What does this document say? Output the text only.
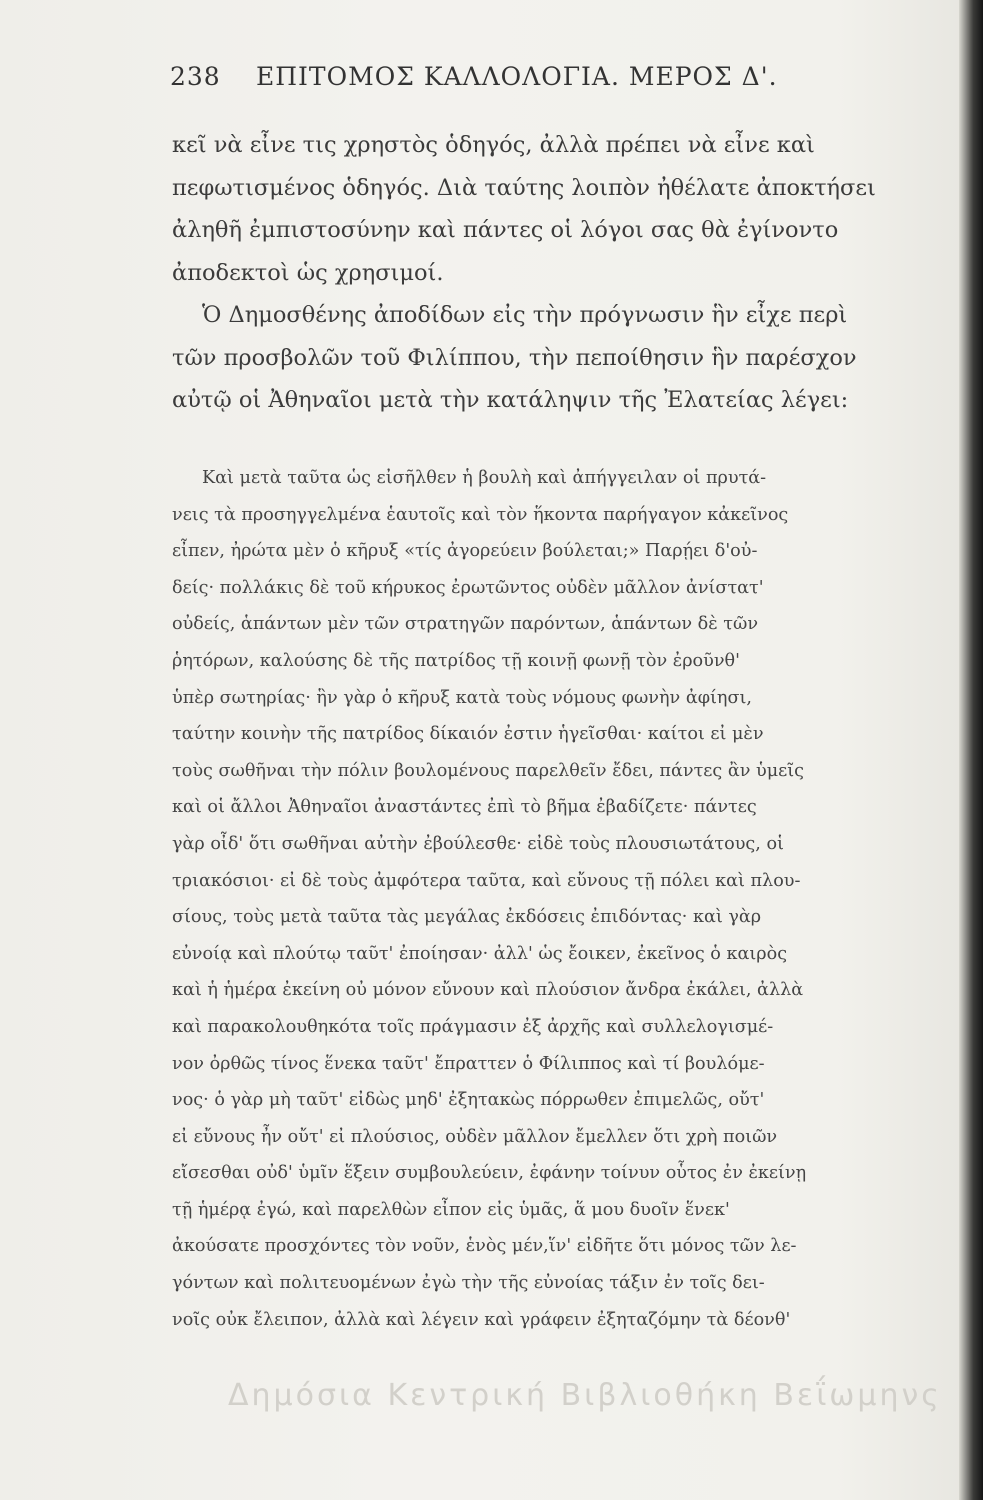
238 ΕΠΙΤΟΜΟΣ ΚΑΛΛΟΛΟΓΙΑ. ΜΕΡΟΣ Δ'.
κεῖ νὰ εἶνε τις χρηστὸς ὁδηγός, ἀλλὰ πρέπει νὰ εἶνε καὶ
πεφωτισμένος ὁδηγός. Διὰ ταύτης λοιπὸν ἠθέλατε ἀποκτήσει
ἀληθῆ ἐμπιστοσύνην καὶ πάντες οἱ λόγοι σας θὰ ἐγίνοντο
ἀποδεκτοὶ ὡς χρησιμοί.
Ὁ Δημοσθένης ἀποδίδων εἰς τὴν πρόγνωσιν ἣν εἶχε περὶ
τῶν προσβολῶν τοῦ Φιλίππου, τὴν πεποίθησιν ἣν παρέσχον
αὐτῷ οἱ Ἀθηναῖοι μετὰ τὴν κατάληψιν τῆς Ἐλατείας λέγει:
Καὶ μετὰ ταῦτα ὡς εἰσῆλθεν ἡ βουλὴ καὶ ἀπήγγειλαν οἱ πρυτά-
νεις τὰ προσηγγελμένα ἑαυτοῖς καὶ τὸν ἥκοντα παρήγαγον κἀκεῖνος
εἶπεν, ἠρώτα μὲν ὁ κῆρυξ «τίς ἀγορεύειν βούλεται;» Παρῄει δ'οὐ-
δείς· πολλάκις δὲ τοῦ κήρυκος ἐρωτῶντος οὐδὲν μᾶλλον ἀνίστατ'
οὐδείς, ἁπάντων μὲν τῶν στρατηγῶν παρόντων, ἁπάντων δὲ τῶν
ῥητόρων, καλούσης δὲ τῆς πατρίδος τῇ κοινῇ φωνῇ τὸν ἐροῦνθ'
ὑπὲρ σωτηρίας· ἣν γὰρ ὁ κῆρυξ κατὰ τοὺς νόμους φωνὴν ἀφίησι,
ταύτην κοινὴν τῆς πατρίδος δίκαιόν ἐστιν ἡγεῖσθαι· καίτοι εἰ μὲν
τοὺς σωθῆναι τὴν πόλιν βουλομένους παρελθεῖν ἔδει, πάντες ἂν ὑμεῖς
καὶ οἱ ἄλλοι Ἀθηναῖοι ἀναστάντες ἐπὶ τὸ βῆμα ἐβαδίζετε· πάντες
γὰρ οἶδ' ὅτι σωθῆναι αὐτὴν ἐβούλεσθε· εἰδὲ τοὺς πλουσιωτάτους, οἱ
τριακόσιοι· εἰ δὲ τοὺς ἀμφότερα ταῦτα, καὶ εὔνους τῇ πόλει καὶ πλου-
σίους, τοὺς μετὰ ταῦτα τὰς μεγάλας ἐκδόσεις ἐπιδόντας· καὶ γὰρ
εὐνοίᾳ καὶ πλούτῳ ταῦτ' ἐποίησαν· ἀλλ' ὡς ἔοικεν, ἐκεῖνος ὁ καιρὸς
καὶ ἡ ἡμέρα ἐκείνη οὐ μόνον εὔνουν καὶ πλούσιον ἄνδρα ἐκάλει, ἀλλὰ
καὶ παρακολουθηκότα τοῖς πράγμασιν ἐξ ἀρχῆς καὶ συλλελογισμέ-
νον ὀρθῶς τίνος ἕνεκα ταῦτ' ἔπραττεν ὁ Φίλιππος καὶ τί βουλόμε-
νος· ὁ γὰρ μὴ ταῦτ' εἰδὼς μηδ' ἐξητακὼς πόρρωθεν ἐπιμελῶς, οὔτ'
εἰ εὔνους ἦν οὔτ' εἰ πλούσιος, οὐδὲν μᾶλλον ἔμελλεν ὅτι χρὴ ποιῶν
εἴσεσθαι οὐδ' ὑμῖν ἕξειν συμβουλεύειν, ἐφάνην τοίνυν οὗτος ἐν ἐκείνῃ
τῇ ἡμέρᾳ ἐγώ, καὶ παρελθὼν εἶπον εἰς ὑμᾶς, ἅ μου δυοῖν ἕνεκ'
ἀκούσατε προσχόντες τὸν νοῦν, ἑνὸς μέν,ἵν' εἰδῆτε ὅτι μόνος τῶν λε-
γόντων καὶ πολιτευομένων ἐγὼ τὴν τῆς εὐνοίας τάξιν ἐν τοῖς δει-
νοῖς οὐκ ἔλειπον, ἀλλὰ καὶ λέγειν καὶ γράφειν ἐξηταζόμην τὰ δέονθ'
Δημόσια Κεντρική Βιβλιοθήκη Βεΐωμηνς
